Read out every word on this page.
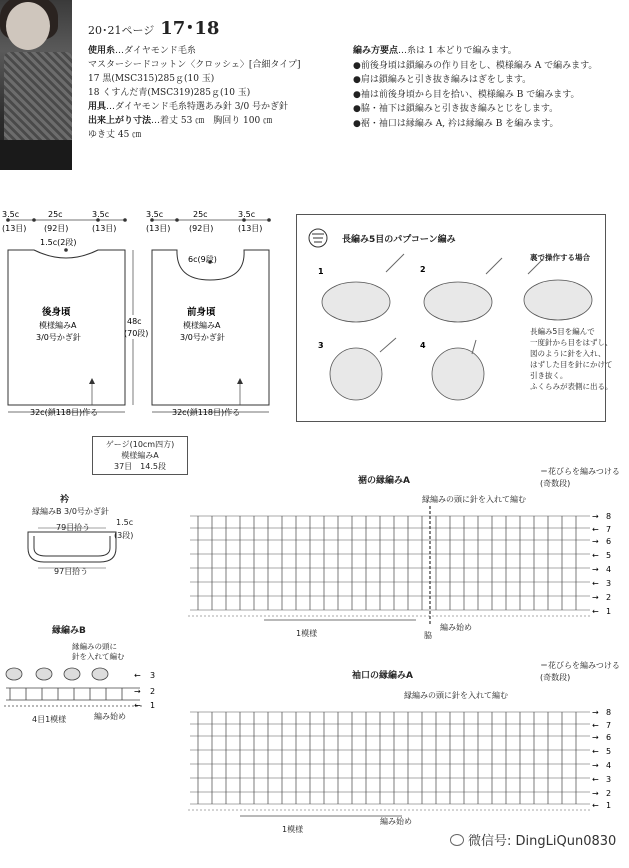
20･21ページ 17･18
使用糸…ダイヤモンド毛糸
マスターシードコットン〈クロッシェ〉[合細タイプ]
17 黒(MSC315)285ｇ(10 玉)
18 くすんだ青(MSC319)285ｇ(10 玉)
用具…ダイヤモンド毛糸特選あみ針 3/0 号かぎ針
出来上がり寸法…着丈 53 ㎝　胸回り 100 ㎝
ゆき丈 45 ㎝
編み方要点…糸は 1 本どりで編みます。
●前後身頃は鎖編みの作り目をし、模様編み A で編みます。
●肩は鎖編みと引き抜き編みはぎをします。
●袖は前後身頃から目を拾い、模様編み B で編みます。
●脇・袖下は鎖編みと引き抜き編みとじをします。
●裾・袖口は縁編み A, 衿は縁編み B を編みます。
3.5c
(13目)
25c
(92目)
3.5c
(13目)
1.5c(2段)
後身頃
模様編みA
3/0号かぎ針
32c(鎖118目)作る
3.5c
(13目)
25c
(92目)
3.5c
(13目)
6c(9段)
前身頃
模様編みA
3/0号かぎ針
32c(鎖118目)作る
48c
(70段)
ゲージ(10cm四方)
模様編みA
37目　14.5段
衿
縁編みB 3/0号かぎ針
79目拾う
97目拾う
1.5c
(3段)
1	2
3	4
長編み5目のパプコーン編み
裏で操作する場合
長編み5目を編んで
一度針から目をはずし、
図のように針を入れ、
はずした目を針にかけて
引き抜く。
ふくらみが表側に出る。
縁編みB
縁編みの頭に
針を入れて編む
←
→
←
3
2
1
4目1模様	編み始め
裾の縁編みA
＝花びらを編みつける
(奇数段)
縁編みの頭に針を入れて編む
→
←
→
←
→
←
→
←
8
7
6
5
4
3
2
1
1模様	脇
編み始め
袖口の縁編みA
＝花びらを編みつける
(奇数段)
縁編みの頭に針を入れて編む
→
←
→
←
→
←
→
←
8
7
6
5
4
3
2
1
1模様
編み始め
微信号: DingLiQun0830
